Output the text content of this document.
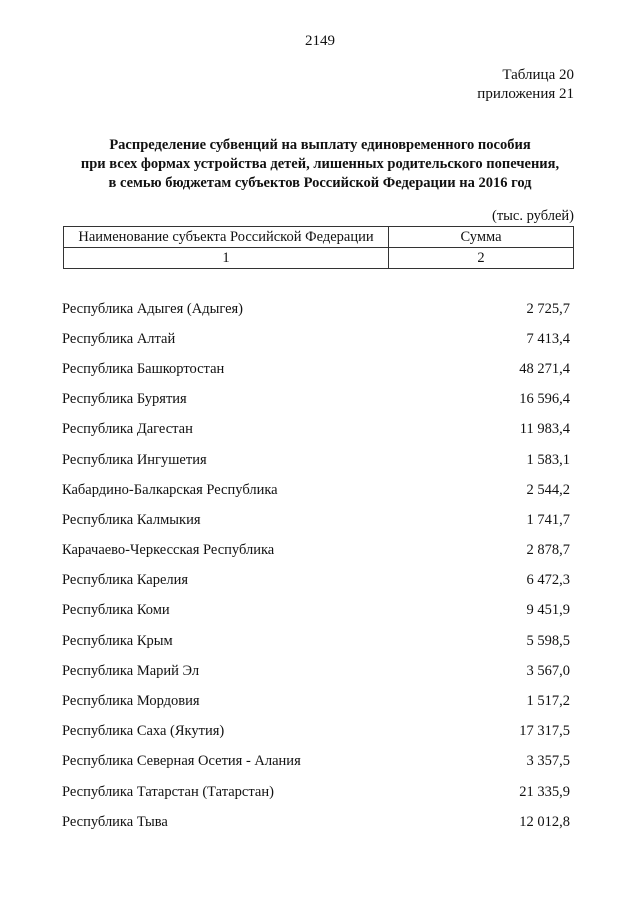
2149
Таблица 20
приложения 21
Распределение субвенций на выплату единовременного пособия
при всех формах устройства детей, лишенных родительского попечения,
в семью бюджетам субъектов Российской Федерации на 2016 год
(тыс. рублей)
Наименование субъекта Российской Федерации	Сумма
1	2
Республика Адыгея (Адыгея)	2 725,7
Республика Алтай	7 413,4
Республика Башкортостан	48 271,4
Республика Бурятия	16 596,4
Республика Дагестан	11 983,4
Республика Ингушетия	1 583,1
Кабардино-Балкарская Республика	2 544,2
Республика Калмыкия	1 741,7
Карачаево-Черкесская Республика	2 878,7
Республика Карелия	6 472,3
Республика Коми	9 451,9
Республика Крым	5 598,5
Республика Марий Эл	3 567,0
Республика Мордовия	1 517,2
Республика Саха (Якутия)	17 317,5
Республика Северная Осетия - Алания	3 357,5
Республика Татарстан (Татарстан)	21 335,9
Республика Тыва	12 012,8
